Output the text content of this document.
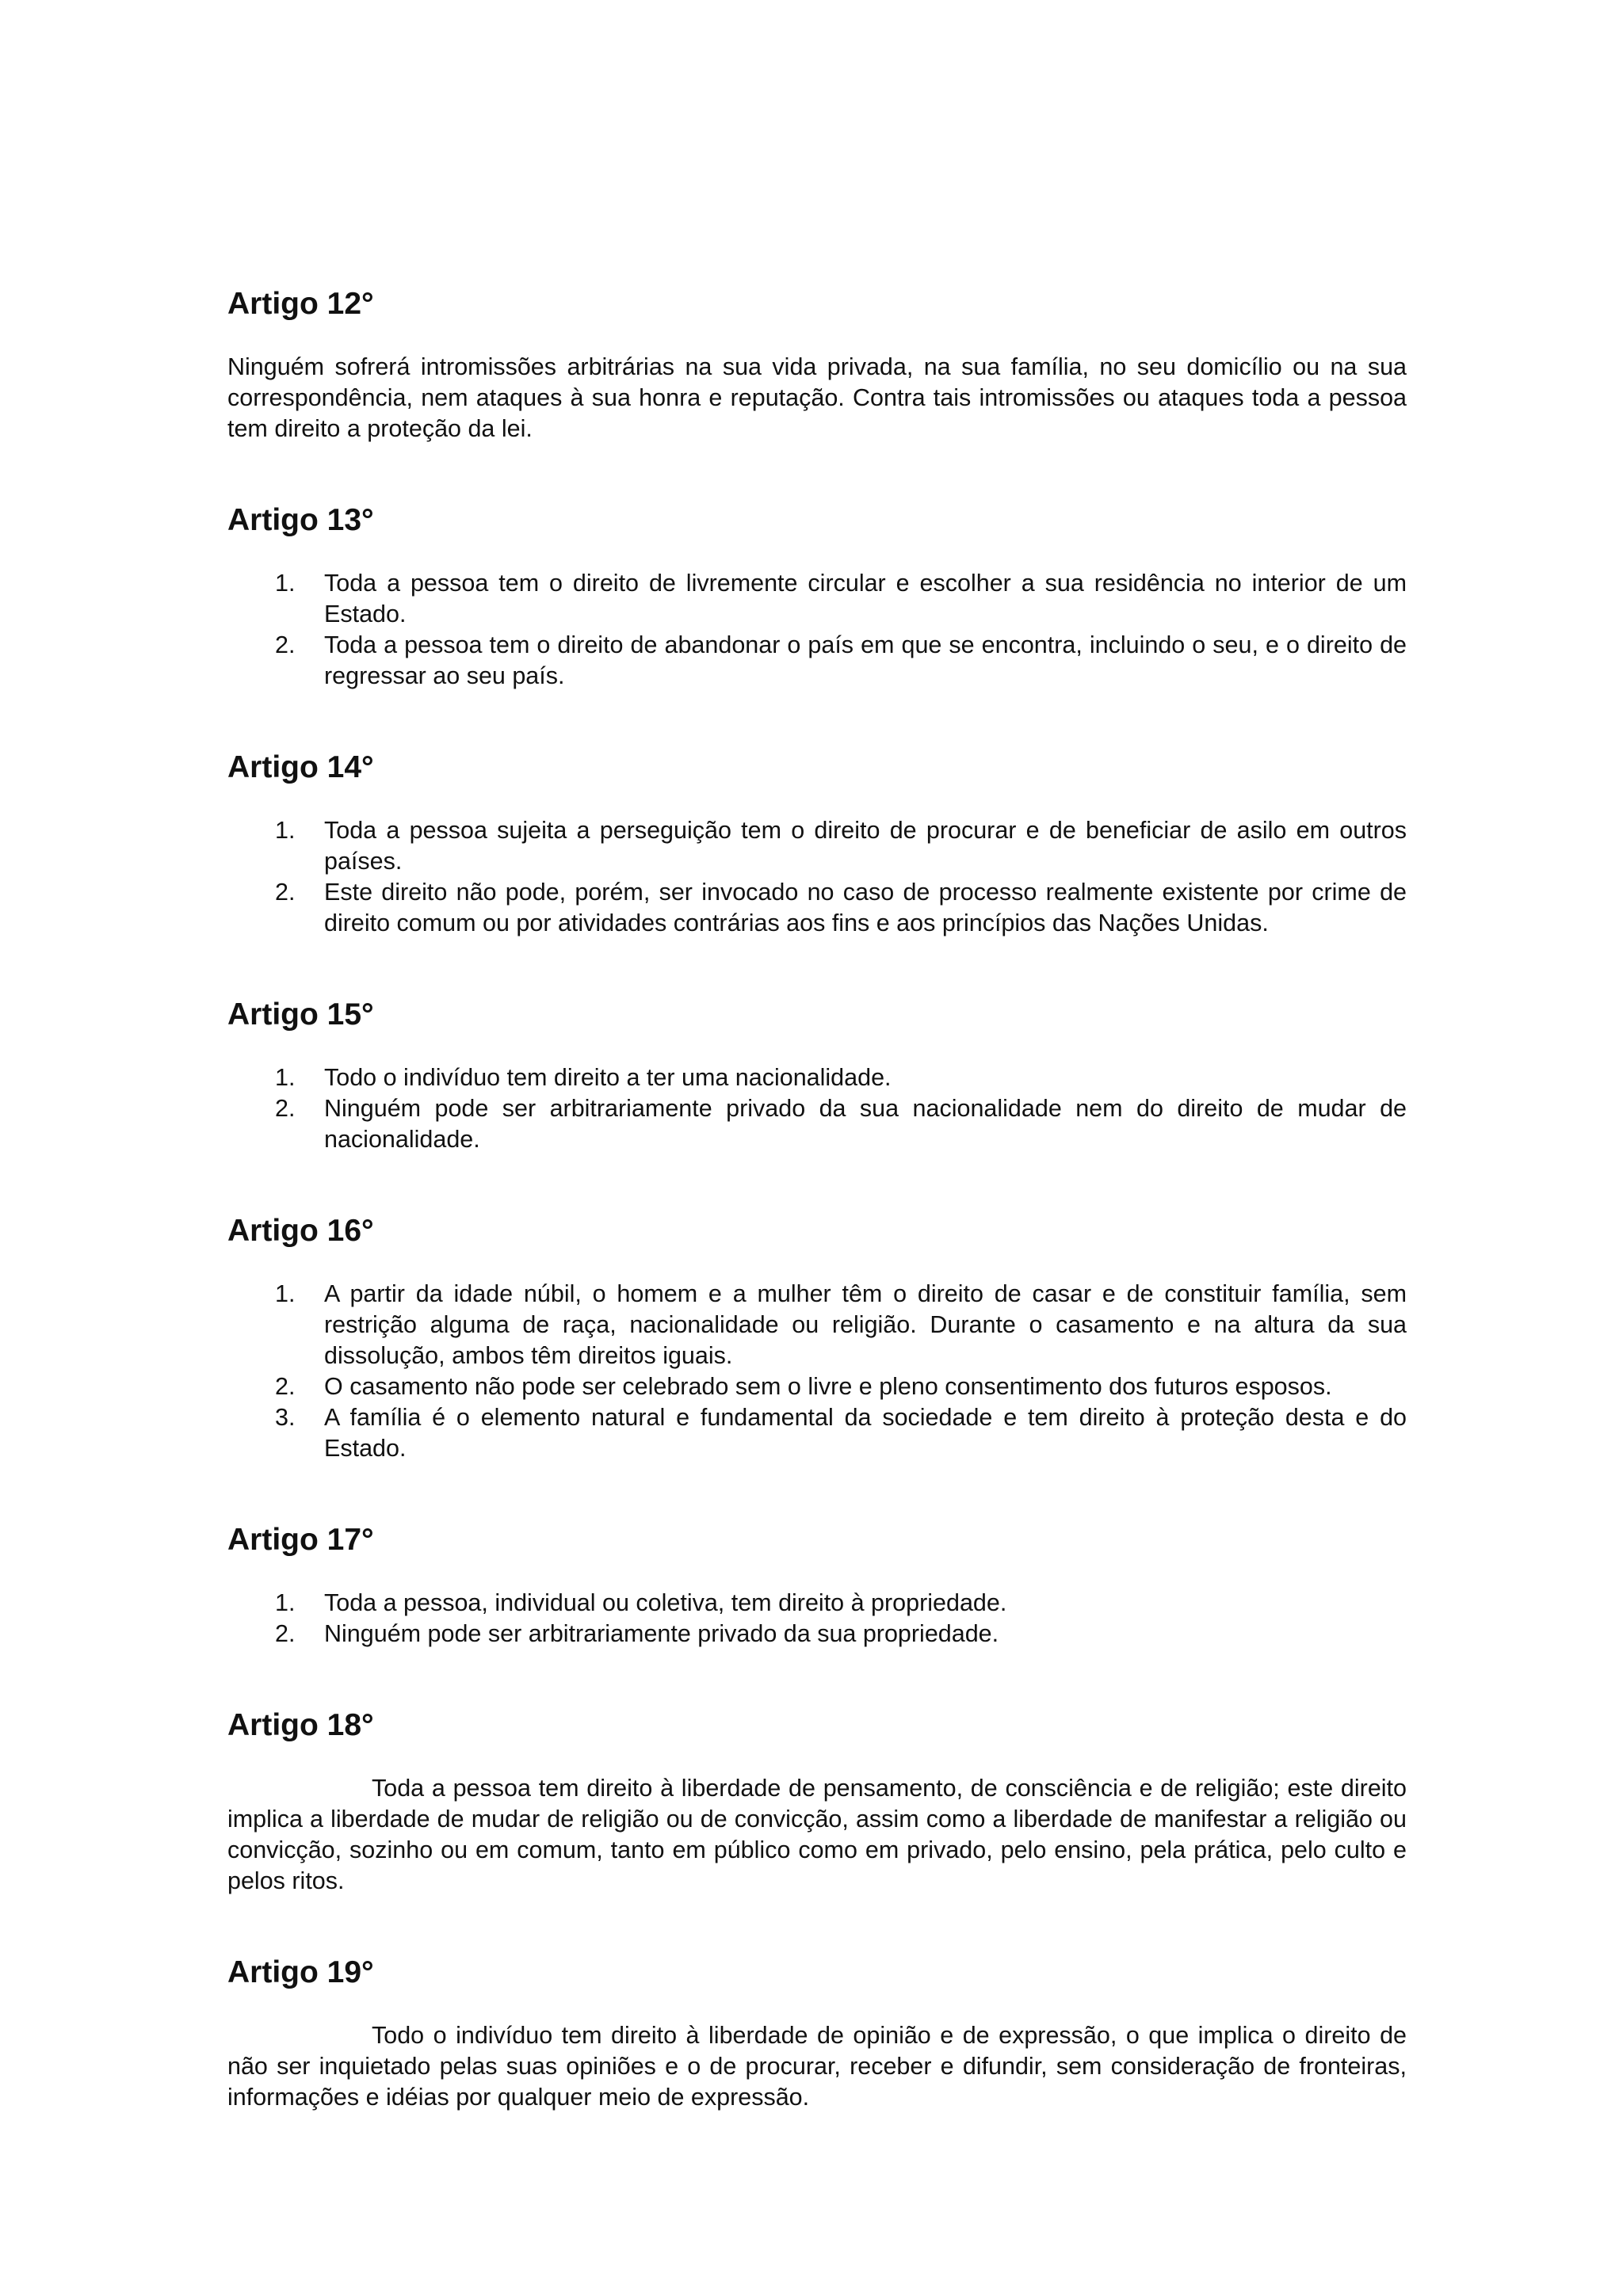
Artigo 12°

Ninguém sofrerá intromissões arbitrárias na sua vida privada, na sua família, no seu domicílio ou na sua correspondência, nem ataques à sua honra e reputação. Contra tais intromissões ou ataques toda a pessoa tem direito a proteção da lei.

Artigo 13°
1. Toda a pessoa tem o direito de livremente circular e escolher a sua residência no interior de um Estado.
2. Toda a pessoa tem o direito de abandonar o país em que se encontra, incluindo o seu, e o direito de regressar ao seu país.
Artigo 14°
1. Toda a pessoa sujeita a perseguição tem o direito de procurar e de beneficiar de asilo em outros países.
2. Este direito não pode, porém, ser invocado no caso de processo realmente existente por crime de direito comum ou por atividades contrárias aos fins e aos princípios das Nações Unidas.
Artigo 15°
1. Todo o indivíduo tem direito a ter uma nacionalidade.
2. Ninguém pode ser arbitrariamente privado da sua nacionalidade nem do direito de mudar de nacionalidade.
Artigo 16°
1. A partir da idade núbil, o homem e a mulher têm o direito de casar e de constituir família, sem restrição alguma de raça, nacionalidade ou religião. Durante o casamento e na altura da sua dissolução, ambos têm direitos iguais.
2. O casamento não pode ser celebrado sem o livre e pleno consentimento dos futuros esposos.
3. A família é o elemento natural e fundamental da sociedade e tem direito à proteção desta e do Estado.
Artigo 17°
1. Toda a pessoa, individual ou coletiva, tem direito à propriedade.
2. Ninguém pode ser arbitrariamente privado da sua propriedade.
Artigo 18°

Toda a pessoa tem direito à liberdade de pensamento, de consciência e de religião; este direito implica a liberdade de mudar de religião ou de convicção, assim como a liberdade de manifestar a religião ou convicção, sozinho ou em comum, tanto em público como em privado, pelo ensino, pela prática, pelo culto e pelos ritos.

Artigo 19°

Todo o indivíduo tem direito à liberdade de opinião e de expressão, o que implica o direito de não ser inquietado pelas suas opiniões e o de procurar, receber e difundir, sem consideração de fronteiras, informações e idéias por qualquer meio de expressão.
